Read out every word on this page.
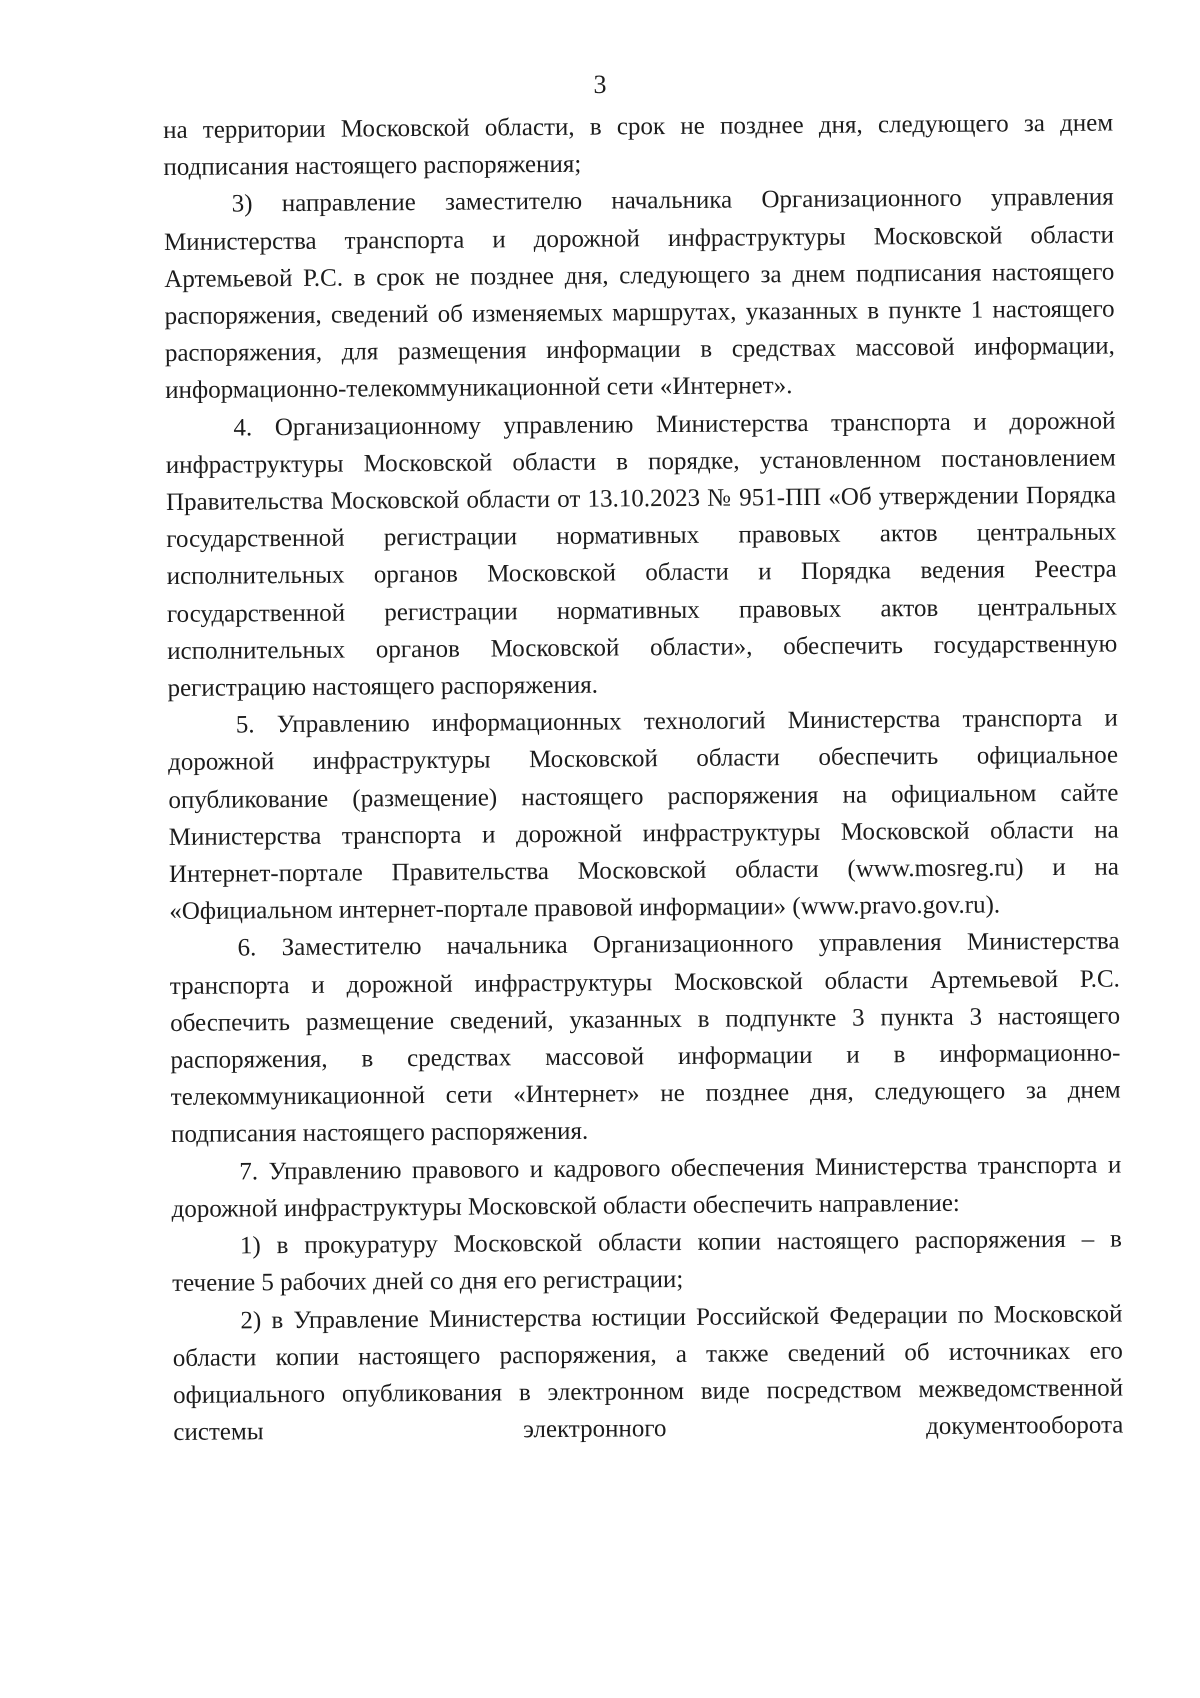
3

на территории Московской области, в срок не позднее дня, следующего за днем подписания настоящего распоряжения;

3) направление заместителю начальника Организационного управления Министерства транспорта и дорожной инфраструктуры Московской области Артемьевой Р.С. в срок не позднее дня, следующего за днем подписания настоящего распоряжения, сведений об изменяемых маршрутах, указанных в пункте 1 настоящего распоряжения, для размещения информации в средствах массовой информации, информационно-телекоммуникационной сети «Интернет».

4. Организационному управлению Министерства транспорта и дорожной инфраструктуры Московской области в порядке, установленном постановлением Правительства Московской области от 13.10.2023 № 951-ПП «Об утверждении Порядка государственной регистрации нормативных правовых актов центральных исполнительных органов Московской области и Порядка ведения Реестра государственной регистрации нормативных правовых актов центральных исполнительных органов Московской области», обеспечить государственную регистрацию настоящего распоряжения.

5. Управлению информационных технологий Министерства транспорта и дорожной инфраструктуры Московской области обеспечить официальное опубликование (размещение) настоящего распоряжения на официальном сайте Министерства транспорта и дорожной инфраструктуры Московской области на Интернет-портале Правительства Московской области (www.mosreg.ru) и на «Официальном интернет-портале правовой информации» (www.pravo.gov.ru).

6. Заместителю начальника Организационного управления Министерства транспорта и дорожной инфраструктуры Московской области Артемьевой Р.С. обеспечить размещение сведений, указанных в подпункте 3 пункта 3 настоящего распоряжения, в средствах массовой информации и в информационно-телекоммуникационной сети «Интернет» не позднее дня, следующего за днем подписания настоящего распоряжения.

7. Управлению правового и кадрового обеспечения Министерства транспорта и дорожной инфраструктуры Московской области обеспечить направление:

1) в прокуратуру Московской области копии настоящего распоряжения – в течение 5 рабочих дней со дня его регистрации;

2) в Управление Министерства юстиции Российской Федерации по Московской области копии настоящего распоряжения, а также сведений об источниках его официального опубликования в электронном виде посредством межведомственной системы электронного документооборота
